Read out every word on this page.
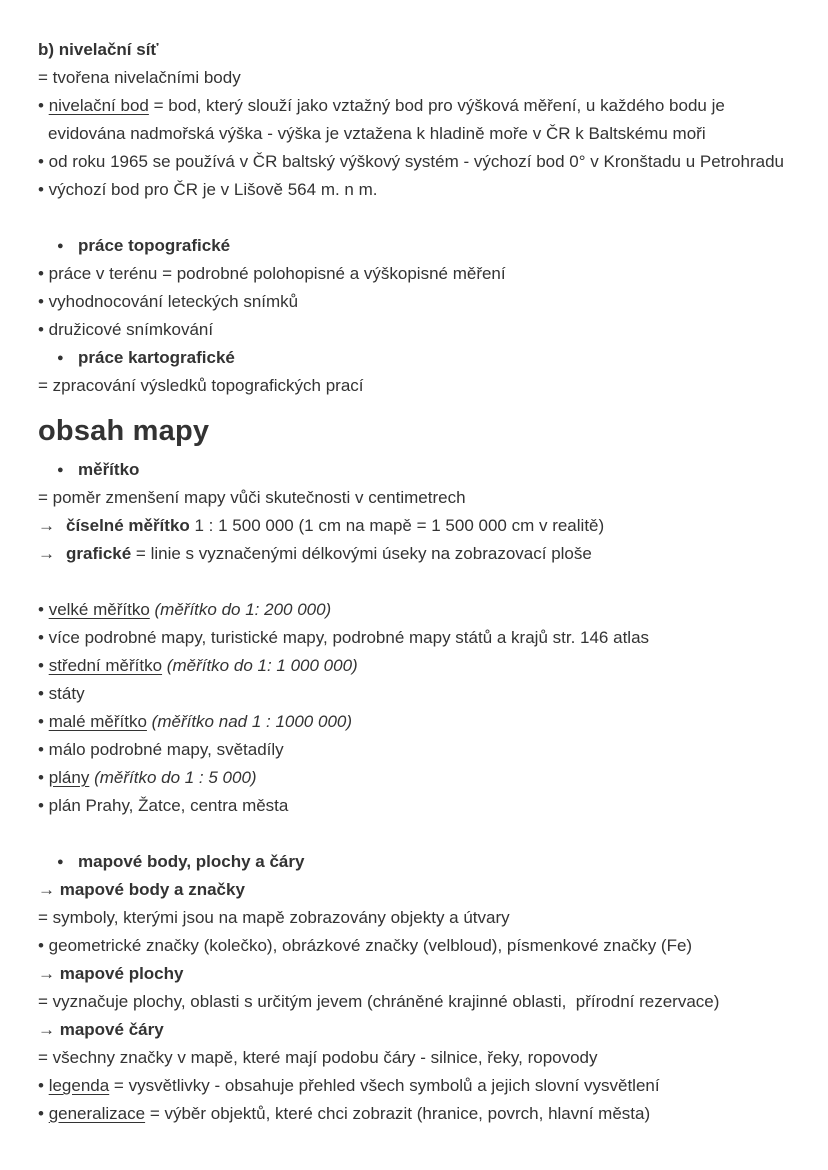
b) nivelační síť
= tvořena nivelačními body
• nivelační bod = bod, který slouží jako vztažný bod pro výšková měření, u každého bodu je evidována nadmořská výška - výška je vztažena k hladině moře v ČR k Baltskému moři
• od roku 1965 se používá v ČR baltský výškový systém - výchozí bod 0° v Kronštadu u Petrohradu
• výchozí bod pro ČR je v Lišově 564 m. n m.
● práce topografické
• práce v terénu = podrobné polohopisné a výškopisné měření
• vyhodnocování leteckých snímků
• družicové snímkování
● práce kartografické
= zpracování výsledků topografických prací
obsah mapy
● měřítko
= poměr zmenšení mapy vůči skutečnosti v centimetrech
→ číselné měřítko 1 : 1 500 000 (1 cm na mapě = 1 500 000 cm v realitě)
→ grafické = linie s vyznačenými délkovými úseky na zobrazovací ploše
• velké měřítko (měřítko do 1: 200 000)
• více podrobné mapy, turistické mapy, podrobné mapy států a krajů str. 146 atlas
• střední měřítko (měřítko do 1: 1 000 000)
• státy
• malé měřítko (měřítko nad 1 : 1000 000)
• málo podrobné mapy, světadíly
• plány (měřítko do 1 : 5 000)
• plán Prahy, Žatce, centra města
● mapové body, plochy a čáry
→ mapové body a značky
= symboly, kterými jsou na mapě zobrazovány objekty a útvary
• geometrické značky (kolečko), obrázkové značky (velbloud), písmenkové značky (Fe)
→ mapové plochy
= vyznačuje plochy, oblasti s určitým jevem (chráněné krajinné oblasti,  přírodní rezervace)
→ mapové čáry
= všechny značky v mapě, které mají podobu čáry - silnice, řeky, ropovody
• legenda = vysvětlivky - obsahuje přehled všech symbolů a jejich slovní vysvětlení
• generalizace = výběr objektů, které chci zobrazit (hranice, povrch, hlavní města)
